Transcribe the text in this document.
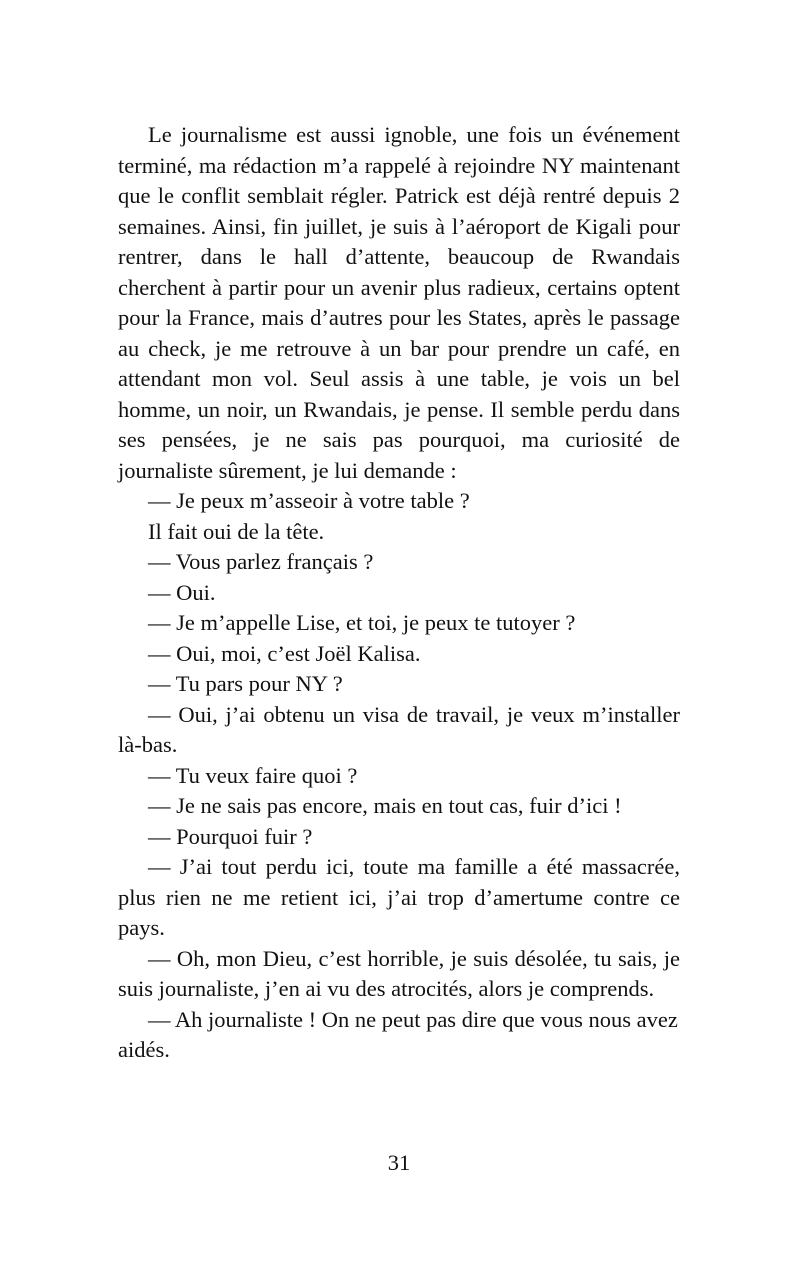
Le journalisme est aussi ignoble, une fois un événement terminé, ma rédaction m’a rappelé à rejoindre NY maintenant que le conflit semblait régler. Patrick est déjà rentré depuis 2 semaines. Ainsi, fin juillet, je suis à l’aéroport de Kigali pour rentrer, dans le hall d’attente, beaucoup de Rwandais cherchent à partir pour un avenir plus radieux, certains optent pour la France, mais d’autres pour les States, après le passage au check, je me retrouve à un bar pour prendre un café, en attendant mon vol. Seul assis à une table, je vois un bel homme, un noir, un Rwandais, je pense. Il semble perdu dans ses pensées, je ne sais pas pourquoi, ma curiosité de journaliste sûrement, je lui demande :

— Je peux m’asseoir à votre table ?

Il fait oui de la tête.

— Vous parlez français ?

— Oui.

— Je m’appelle Lise, et toi, je peux te tutoyer ?

— Oui, moi, c’est Joël Kalisa.

— Tu pars pour NY ?

— Oui, j’ai obtenu un visa de travail, je veux m’installer là-bas.

— Tu veux faire quoi ?

— Je ne sais pas encore, mais en tout cas, fuir d’ici !

— Pourquoi fuir ?

— J’ai tout perdu ici, toute ma famille a été massacrée, plus rien ne me retient ici, j’ai trop d’amertume contre ce pays.

— Oh, mon Dieu, c’est horrible, je suis désolée, tu sais, je suis journaliste, j’en ai vu des atrocités, alors je comprends.

— Ah journaliste ! On ne peut pas dire que vous nous avez aidés.

31
